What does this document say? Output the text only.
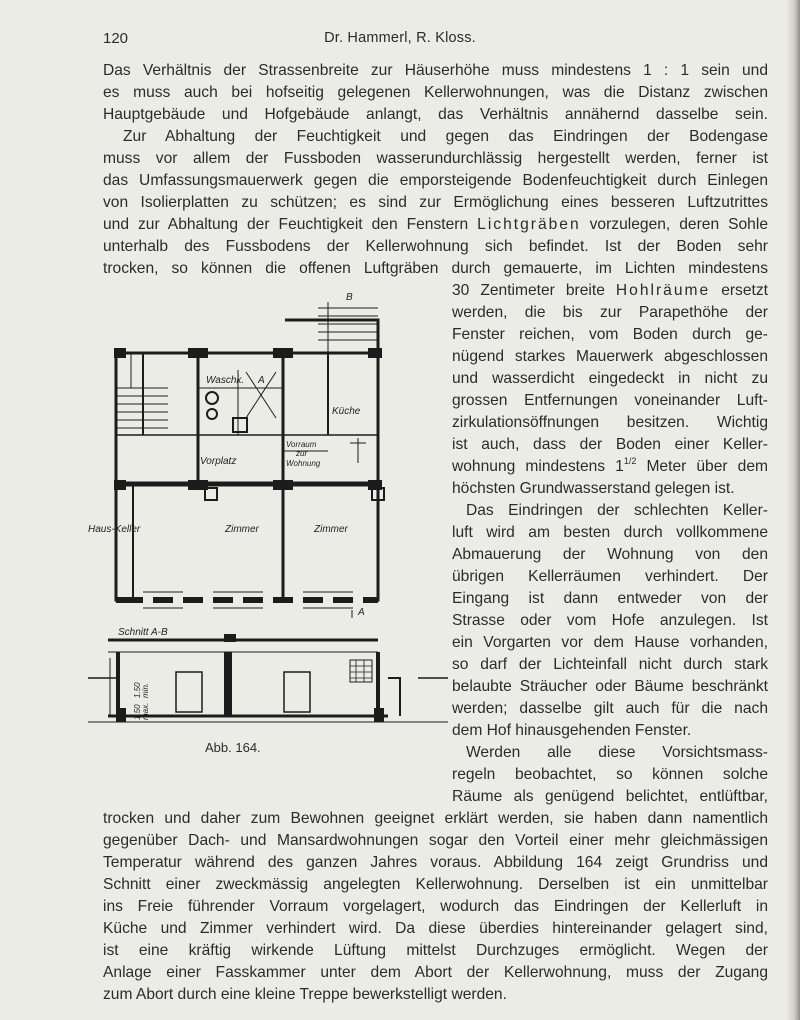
120	Dr. Hammerl, R. Kloss.
Das Verhältnis der Strassenbreite zur Häuserhöhe muss mindestens 1 : 1 sein und
es muss auch bei hofseitig gelegenen Kellerwohnungen, was die Distanz zwischen
Hauptgebäude und Hofgebäude anlangt, das Verhältnis annähernd dasselbe sein.
Zur Abhaltung der Feuchtigkeit und gegen das Eindringen der Bodengase
muss vor allem der Fussboden wasserundurchlässig hergestellt werden, ferner ist
das Umfassungsmauerwerk gegen die emporsteigende Bodenfeuchtigkeit durch Einlegen
von Isolierplatten zu schützen; es sind zur Ermöglichung eines besseren Luftzutrittes
und zur Abhaltung der Feuchtigkeit den Fenstern Lichtgräben vorzulegen, deren Sohle
unterhalb des Fussbodens der Kellerwohnung sich befindet. Ist der Boden sehr
trocken, so können die offenen Luftgräben durch gemauerte, im Lichten mindestens
30 Zentimeter breite Hohlräume ersetzt
werden, die bis zur Parapethöhe der
Fenster reichen, vom Boden durch ge-
nügend starkes Mauerwerk abgeschlossen
und wasserdicht eingedeckt in nicht zu
grossen Entfernungen voneinander Luft-
zirkulationsöffnungen besitzen. Wichtig
ist auch, dass der Boden einer Keller-
wohnung mindestens $1^{1/2}$ Meter über dem
höchsten Grundwasserstand gelegen ist.
Das Eindringen der schlechten Keller-
luft wird am besten durch vollkommene
Abmauerung der Wohnung von den
übrigen Kellerräumen verhindert. Der
Eingang ist dann entweder von der
Strasse oder vom Hofe anzulegen. Ist
ein Vorgarten vor dem Hause vorhanden,
so darf der Lichteinfall nicht durch stark
belaubte Sträucher oder Bäume beschränkt
werden; dasselbe gilt auch für die nach
dem Hof hinausgehenden Fenster.
Werden alle diese Vorsichtsmass-
regeln beobachtet, so können solche
Räume als genügend belichtet, entlüftbar,
trocken und daher zum Bewohnen geeignet erklärt werden, sie haben dann namentlich
gegenüber Dach- und Mansardwohnungen sogar den Vorteil einer mehr gleichmässigen
Temperatur während des ganzen Jahres voraus. Abbildung 164 zeigt Grundriss und
Schnitt einer zweckmässig angelegten Kellerwohnung. Derselben ist ein unmittelbar
ins Freie führender Vorraum vorgelagert, wodurch das Eindringen der Kellerluft in
Küche und Zimmer verhindert wird. Da diese überdies hintereinander gelagert sind,
ist eine kräftig wirkende Lüftung mittelst Durchzuges ermöglicht. Wegen der
Anlage einer Fasskammer unter dem Abort der Kellerwohnung, muss der Zugang
zum Abort durch eine kleine Treppe bewerkstelligt werden.
B
Waschk. A
Küche
Vorplatz
Vorraum
zur
Wohnung
Haus-Keller	Zimmer	Zimmer
A
Schnitt A-B
1.50 min.
1.50 max.
Abb. 164.
